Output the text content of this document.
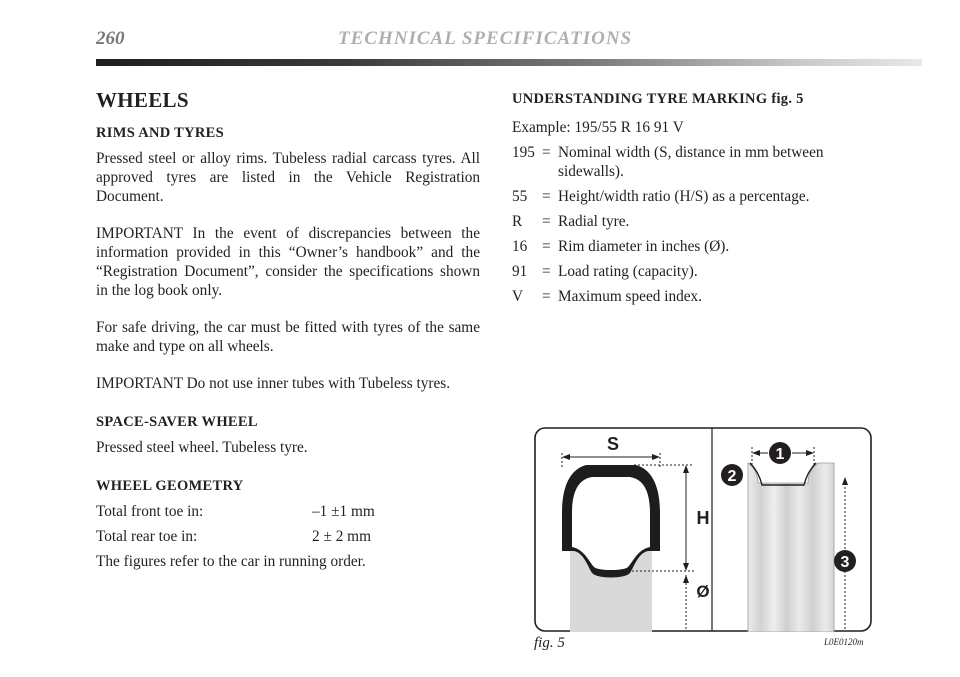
260	TECHNICAL SPECIFICATIONS
WHEELS
RIMS AND TYRES

Pressed steel or alloy rims. Tubeless radial carcass tyres. All approved tyres are listed in the Vehicle Registration Document.

IMPORTANT In the event of discrepancies between the information provided in this “Owner’s handbook” and the “Registration Document”, consider the specifications shown in the log book only.

For safe driving, the car must be fitted with tyres of the same make and type on all wheels.

IMPORTANT Do not use inner tubes with Tubeless tyres.

SPACE-SAVER WHEEL

Pressed steel wheel. Tubeless tyre.

WHEEL GEOMETRY
Total front toe in:	–1 ±1 mm
Total rear toe in:	2 ± 2 mm

The figures refer to the car in running order.

UNDERSTANDING TYRE MARKING fig. 5

Example: 195/55 R 16 91 V

195 = Nominal width (S, distance in mm between sidewalls).
55 = Height/width ratio (H/S) as a percentage.
R	= Radial tyre.
16 = Rim diameter in inches (Ø).
91 = Load rating (capacity).
V	= Maximum speed index.
S
H
Ø
1
2
3
fig. 5	L0E0120m
